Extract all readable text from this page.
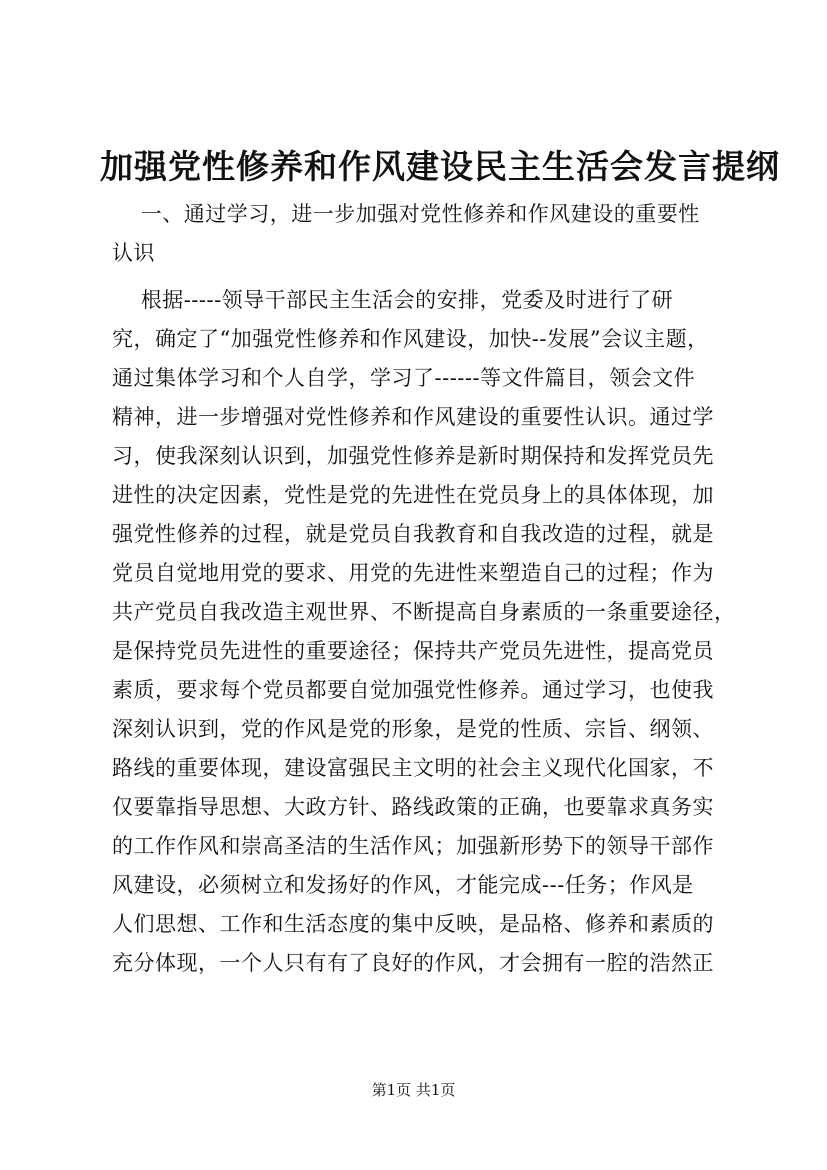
加强党性修养和作风建设民主生活会发言提纲
一、通过学习，进一步加强对党性修养和作风建设的重要性
认识
根据-----领导干部民主生活会的安排，党委及时进行了研
究，确定了“加强党性修养和作风建设，加快--发展”会议主题，
通过集体学习和个人自学，学习了------等文件篇目，领会文件
精神，进一步增强对党性修养和作风建设的重要性认识。通过学
习，使我深刻认识到，加强党性修养是新时期保持和发挥党员先
进性的决定因素，党性是党的先进性在党员身上的具体体现，加
强党性修养的过程，就是党员自我教育和自我改造的过程，就是
党员自觉地用党的要求、用党的先进性来塑造自己的过程；作为
共产党员自我改造主观世界、不断提高自身素质的一条重要途径，
是保持党员先进性的重要途径；保持共产党员先进性，提高党员
素质，要求每个党员都要自觉加强党性修养。通过学习，也使我
深刻认识到，党的作风是党的形象，是党的性质、宗旨、纲领、
路线的重要体现，建设富强民主文明的社会主义现代化国家，不
仅要靠指导思想、大政方针、路线政策的正确，也要靠求真务实
的工作作风和崇高圣洁的生活作风；加强新形势下的领导干部作
风建设，必须树立和发扬好的作风，才能完成---任务；作风是
人们思想、工作和生活态度的集中反映，是品格、修养和素质的
充分体现，一个人只有有了良好的作风，才会拥有一腔的浩然正
第1页 共1页
